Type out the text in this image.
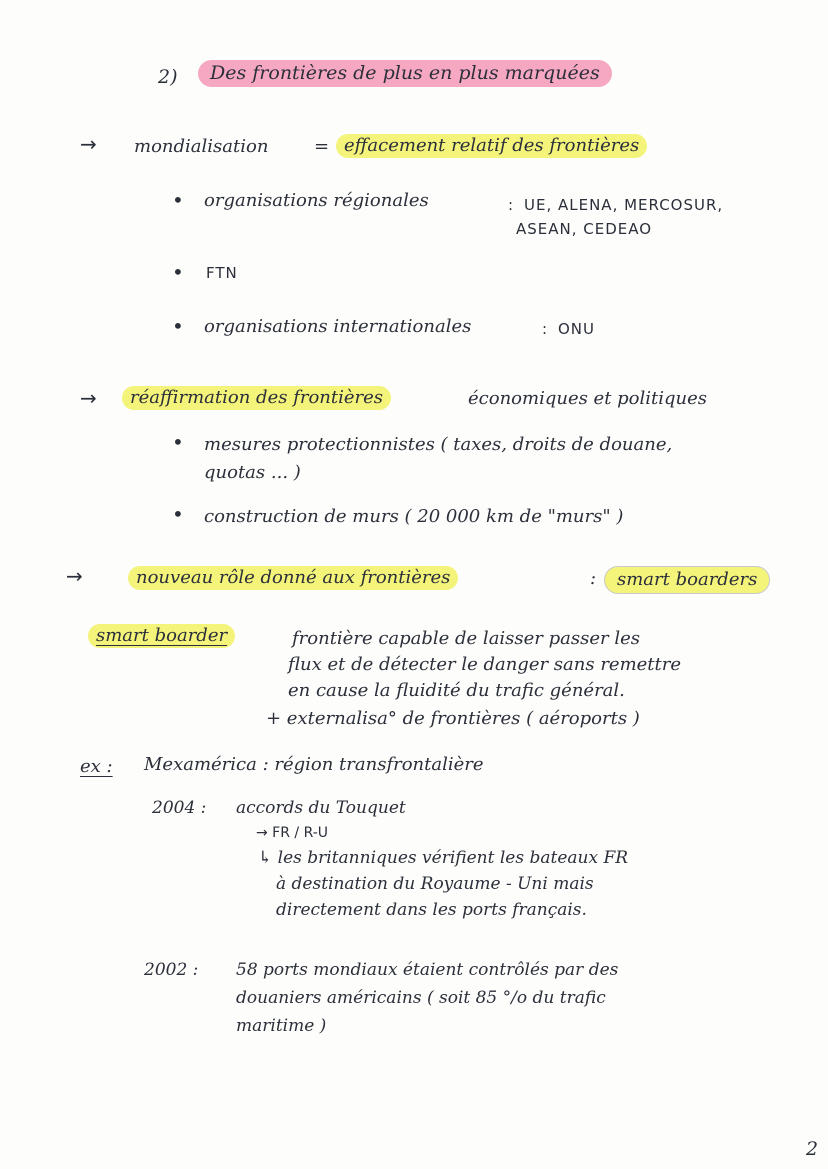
2)	Des frontières de plus en plus marquées
→ mondialisation	= effacement relatif des frontières
• organisations régionales	: UE, ALENA, MERCOSUR,
ASEAN, CEDEAO
• FTN
• organisations internationales	: ONU
→	réaffirmation des frontières	économiques et politiques
• mesures protectionnistes ( taxes, droits de douane,
quotas ... )
• construction de murs ( 20 000 km de "murs" )
→	nouveau rôle donné aux frontières	:	smart boarders
smart boarder	frontière capable de laisser passer les
flux et de détecter le danger sans remettre
en cause la fluidité du trafic général.
+ externalisa° de frontières ( aéroports )
ex : Mexamérica : région transfrontalière
2004 : accords du Touquet
→ FR / R-U
↳ les britanniques vérifient les bateaux FR
à destination du Royaume - Uni mais
directement dans les ports français.
2002 : 58 ports mondiaux étaient contrôlés par des
douaniers américains ( soit 85 °/o du trafic
maritime )
2
